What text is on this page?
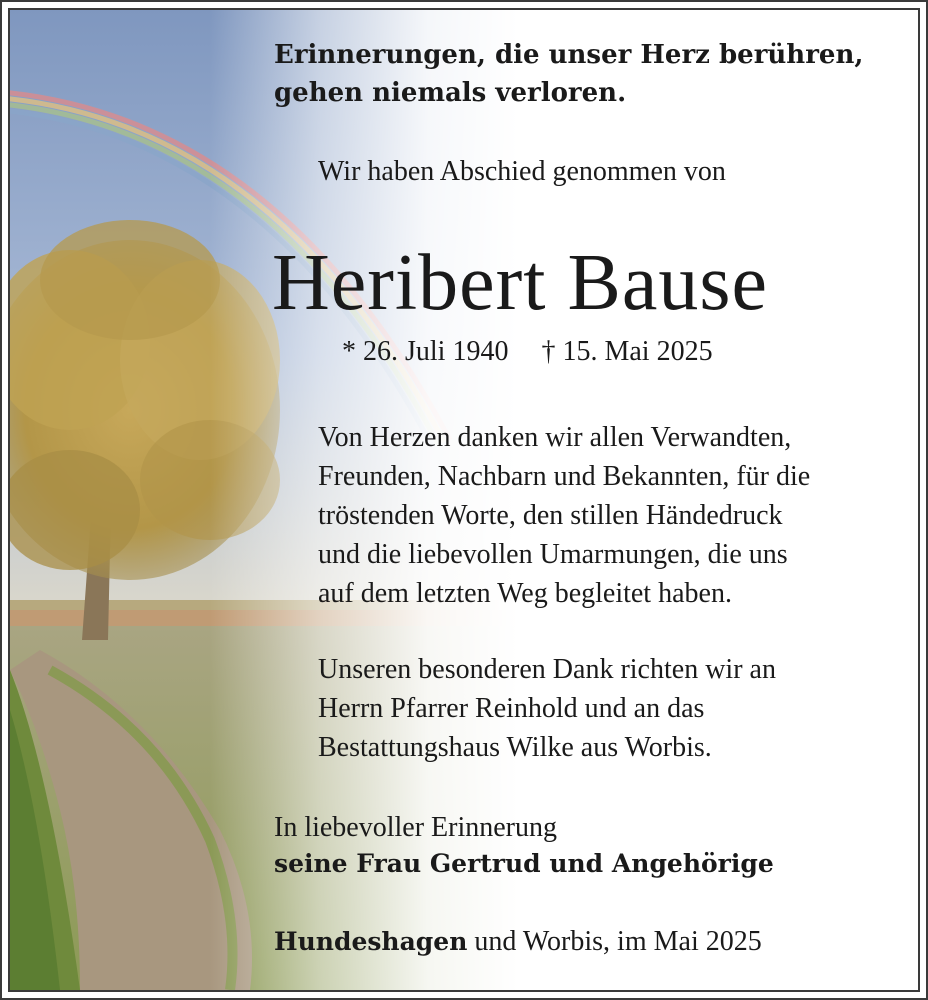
Erinnerungen, die unser Herz berühren,
gehen niemals verloren.
Wir haben Abschied genommen von
Heribert Bause
* 26. Juli 1940 † 15. Mai 2025
Von Herzen danken wir allen Verwandten,
Freunden, Nachbarn und Bekannten, für die
tröstenden Worte, den stillen Händedruck
und die liebevollen Umarmungen, die uns
auf dem letzten Weg begleitet haben.
Unseren besonderen Dank richten wir an
Herrn Pfarrer Reinhold und an das
Bestattungshaus Wilke aus Worbis.
In liebevoller Erinnerung
seine Frau Gertrud und Angehörige
Hundeshagen und Worbis, im Mai 2025
